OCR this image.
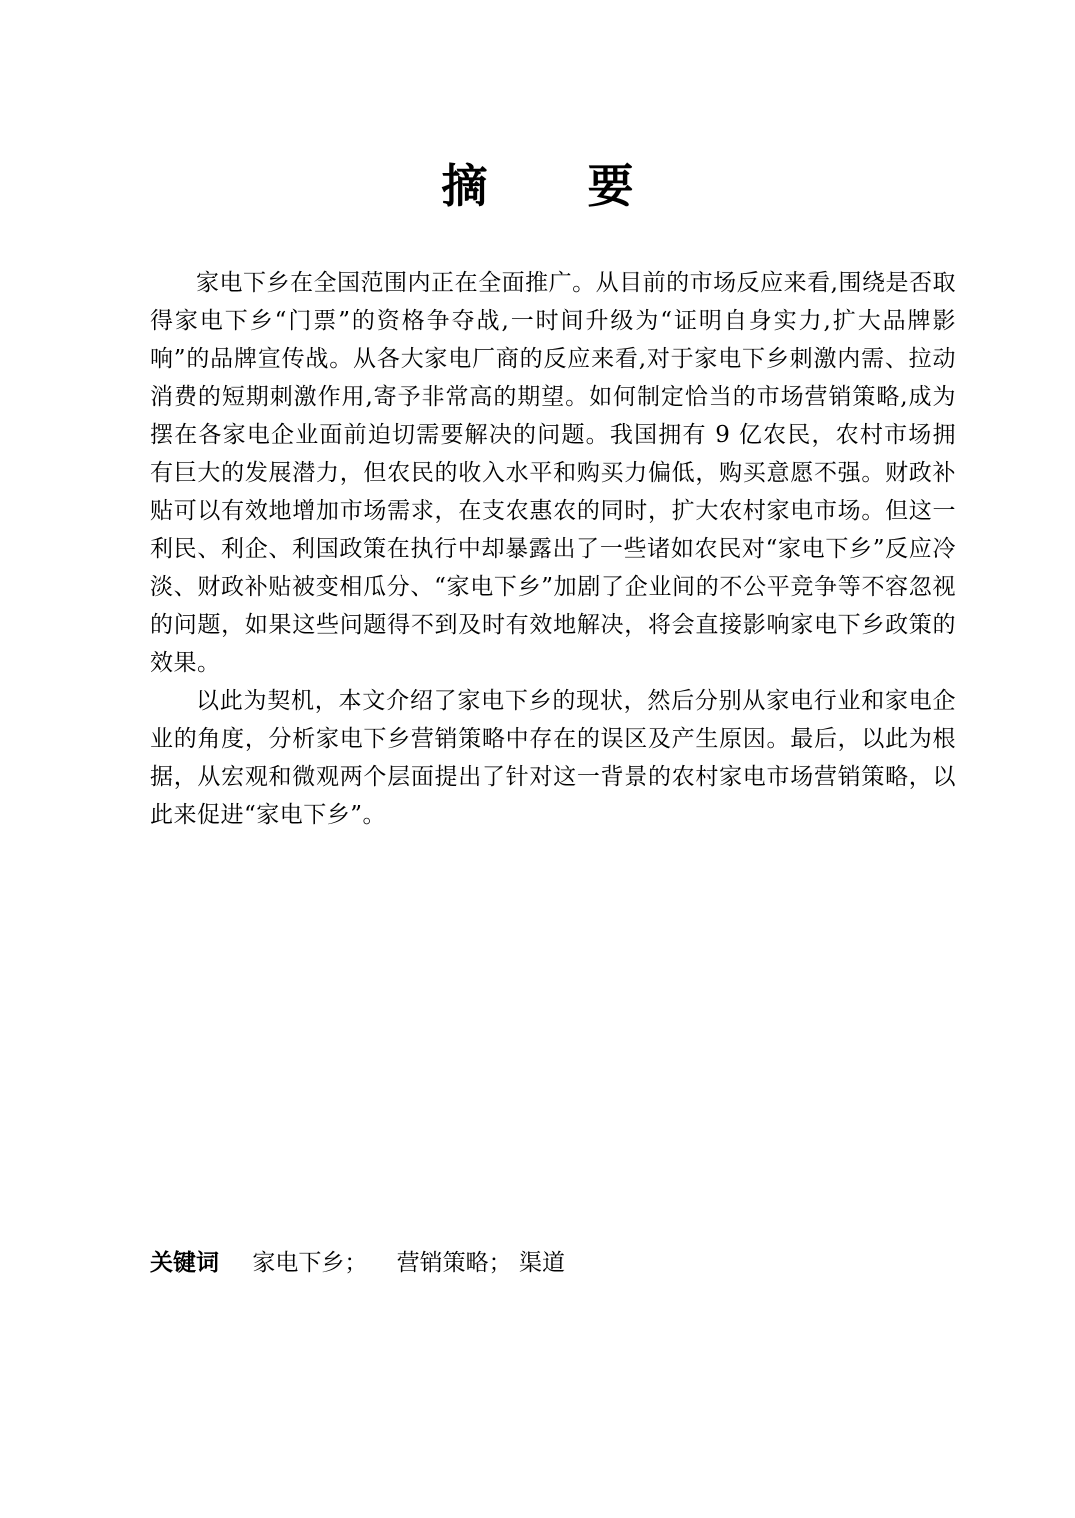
摘 要

家电下乡在全国范围内正在全面推广。从目前的市场反应来看,围绕是否取得家电下乡“门票”的资格争夺战,一时间升级为“证明自身实力,扩大品牌影响”的品牌宣传战。从各大家电厂商的反应来看,对于家电下乡刺激内需、拉动消费的短期刺激作用,寄予非常高的期望。如何制定恰当的市场营销策略,成为摆在各家电企业面前迫切需要解决的问题。我国拥有 9 亿农民，农村市场拥有巨大的发展潜力，但农民的收入水平和购买力偏低，购买意愿不强。财政补贴可以有效地增加市场需求，在支农惠农的同时，扩大农村家电市场。但这一利民、利企、利国政策在执行中却暴露出了一些诸如农民对“家电下乡”反应冷淡、财政补贴被变相瓜分、“家电下乡”加剧了企业间的不公平竞争等不容忽视的问题，如果这些问题得不到及时有效地解决，将会直接影响家电下乡政策的效果。

以此为契机，本文介绍了家电下乡的现状，然后分别从家电行业和家电企业的角度，分析家电下乡营销策略中存在的误区及产生原因。最后，以此为根据，从宏观和微观两个层面提出了针对这一背景的农村家电市场营销策略，以此来促进“家电下乡”。

关键词 家电下乡； 营销策略； 渠道
